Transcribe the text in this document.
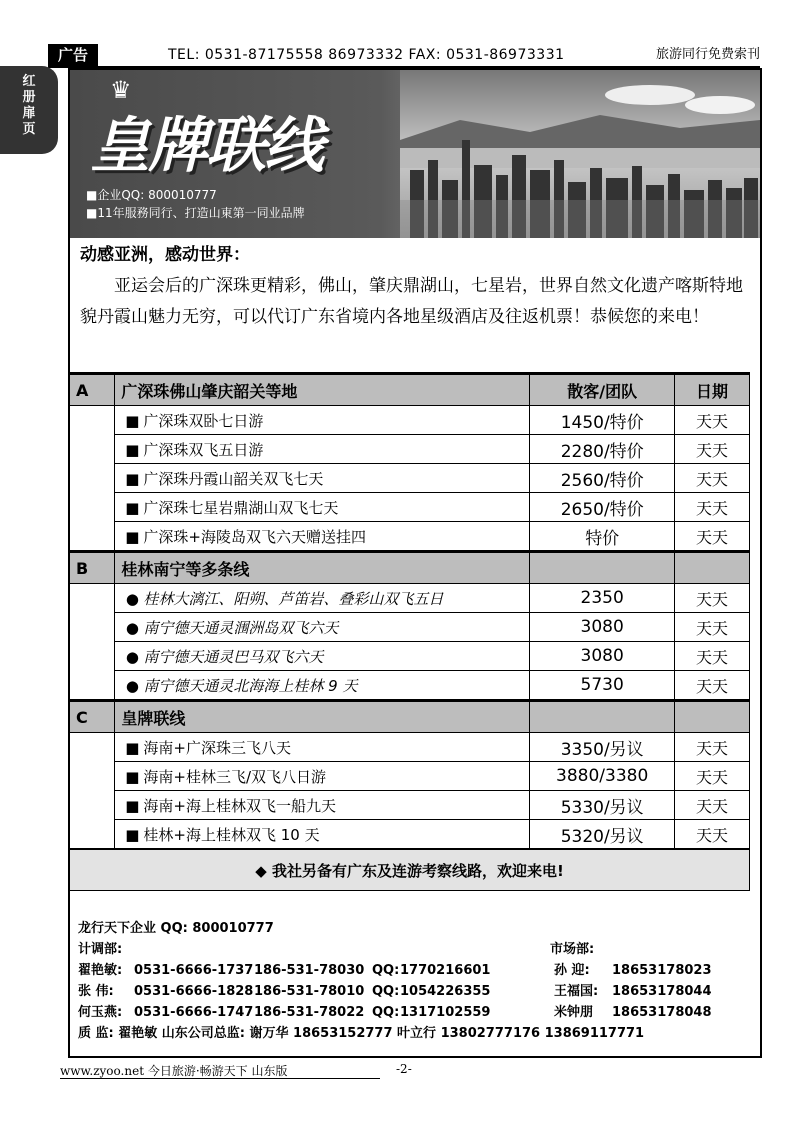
广告	TEL: 0531-87175558 86973332 FAX: 0531-86973331	旅游同行免费索刊
红
册
扉
页
♛
皇牌联线
■企业QQ: 800010777
■11年服務同行、打造山東第一同业品牌
动感亚洲，感动世界：
亚运会后的广深珠更精彩，佛山，肇庆鼎湖山，七星岩，世界自然文化遗产喀斯特地貌丹霞山魅力无穷，可以代订广东省境内各地星级酒店及往返机票！恭候您的来电！
A	广深珠佛山肇庆韶关等地	散客/团队	日期
	■ 广深珠双卧七日游	1450/特价	天天
	■ 广深珠双飞五日游	2280/特价	天天
	■ 广深珠丹霞山韶关双飞七天	2560/特价	天天
	■ 广深珠七星岩鼎湖山双飞七天	2650/特价	天天
	■ 广深珠+海陵岛双飞六天赠送挂四	特价	天天
B	桂林南宁等多条线		
	● 桂林大漓江、阳朔、芦笛岩、叠彩山双飞五日	2350	天天
	● 南宁德天通灵涠洲岛双飞六天	3080	天天
	● 南宁德天通灵巴马双飞六天	3080	天天
	● 南宁德天通灵北海海上桂林 9 天	5730	天天
C	皇牌联线		
	■ 海南+广深珠三飞八天	3350/另议	天天
	■ 海南+桂林三飞/双飞八日游	3880/3380	天天
	■ 海南+海上桂林双飞一船九天	5330/另议	天天
	■ 桂林+海上桂林双飞 10 天	5320/另议	天天
◆ 我社另备有广东及连游考察线路，欢迎来电!			
龙行天下企业 QQ: 800010777
计调部:	市场部:
翟艳敏: 0531-6666-1737 186-531-78030 QQ: 1770216601	孙 迎: 18653178023
张 伟: 0531-6666-1828 186-531-78010 QQ: 1054226355	王福国: 18653178044
何玉燕: 0531-6666-1747 186-531-78022 QQ: 1317102559	米钟朋 18653178048
质 监: 翟艳敏 山东公司总监: 谢万华 18653152777 叶立行 13802777176 13869117771
www.zyoo.net 今日旅游·畅游天下 山东版	-2-
